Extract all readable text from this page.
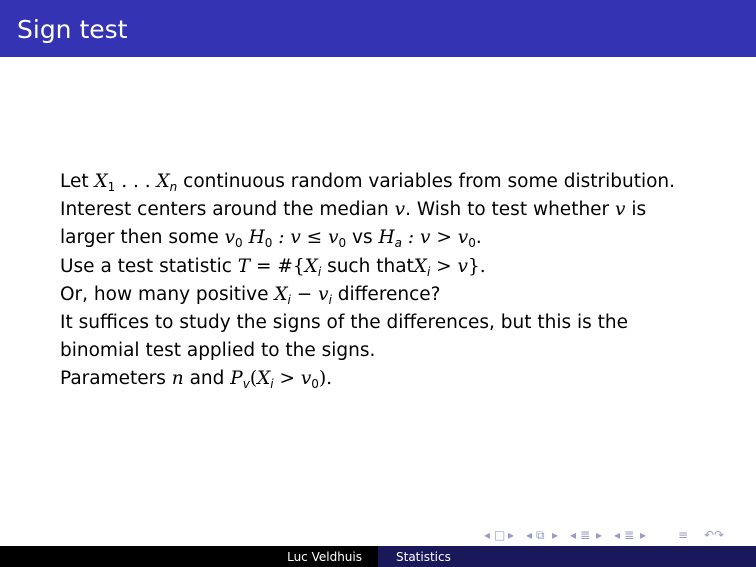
Sign test
Let $X_1$ . . . $X_n$ continuous random variables from some distribution.
Interest centers around the median v. Wish to test whether v is
larger then some $v_0$ $H_0$ : $v \le v_0$ vs $H_a$ : $v > v_0$.
Use a test statistic $T = \#\{X_i$ such thatX$_i$ > v}.
Or, how many positive $X_i - v_i$ difference?
It suffices to study the signs of the differences, but this is the
binomial test applied to the signs.
Parameters n and $P_v(X_i > v_0)$.
◂ □ ▸ ◂ ⧉ ▸ ◂ ≣ ▸ ◂ ≣ ▸	≡ ↶↷
Luc Veldhuis	Statistics
